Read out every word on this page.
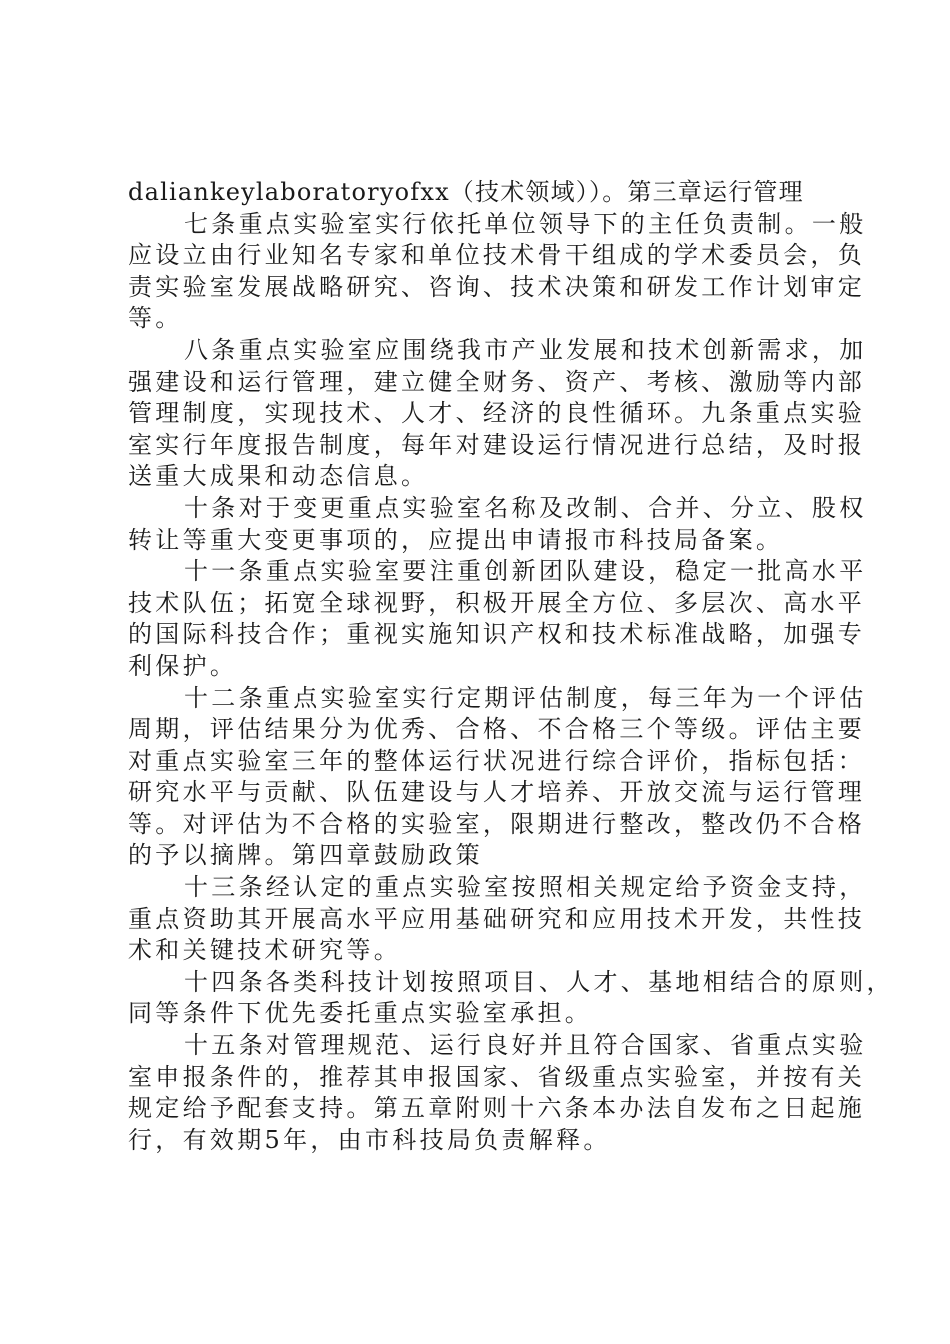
daliankeylaboratoryofxx（技术领域））。第三章运行管理
七条重点实验室实行依托单位领导下的主任负责制。一般
应设立由行业知名专家和单位技术骨干组成的学术委员会，负
责实验室发展战略研究、咨询、技术决策和研发工作计划审定
等。
八条重点实验室应围绕我市产业发展和技术创新需求，加
强建设和运行管理，建立健全财务、资产、考核、激励等内部
管理制度，实现技术、人才、经济的良性循环。九条重点实验
室实行年度报告制度，每年对建设运行情况进行总结，及时报
送重大成果和动态信息。
十条对于变更重点实验室名称及改制、合并、分立、股权
转让等重大变更事项的，应提出申请报市科技局备案。
十一条重点实验室要注重创新团队建设，稳定一批高水平
技术队伍；拓宽全球视野，积极开展全方位、多层次、高水平
的国际科技合作；重视实施知识产权和技术标准战略，加强专
利保护。
十二条重点实验室实行定期评估制度，每三年为一个评估
周期，评估结果分为优秀、合格、不合格三个等级。评估主要
对重点实验室三年的整体运行状况进行综合评价，指标包括：
研究水平与贡献、队伍建设与人才培养、开放交流与运行管理
等。对评估为不合格的实验室，限期进行整改，整改仍不合格
的予以摘牌。第四章鼓励政策
十三条经认定的重点实验室按照相关规定给予资金支持，
重点资助其开展高水平应用基础研究和应用技术开发，共性技
术和关键技术研究等。
十四条各类科技计划按照项目、人才、基地相结合的原则，
同等条件下优先委托重点实验室承担。
十五条对管理规范、运行良好并且符合国家、省重点实验
室申报条件的，推荐其申报国家、省级重点实验室，并按有关
规定给予配套支持。第五章附则十六条本办法自发布之日起施
行，有效期5年，由市科技局负责解释。
